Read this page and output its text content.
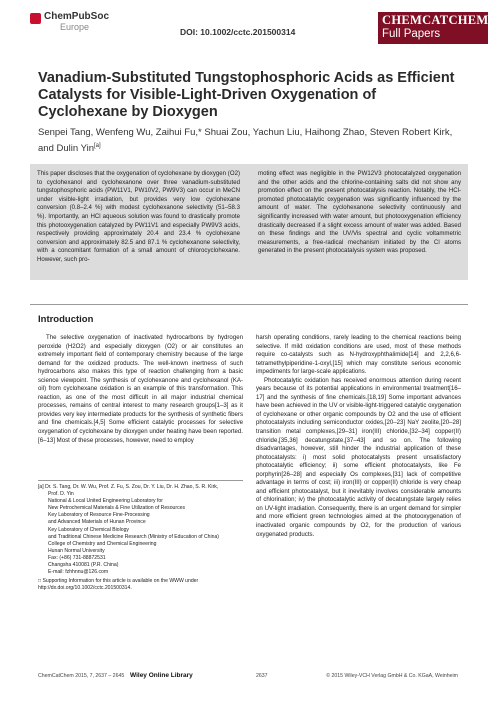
ChemPubSoc
Europe	DOI: 10.1002/cctc.201500314
CHEMCATCHEM
Full Papers
Vanadium-Substituted Tungstophosphoric Acids as Efficient Catalysts for Visible-Light-Driven Oxygenation of Cyclohexane by Dioxygen
Senpei Tang, Wenfeng Wu, Zaihui Fu,* Shuai Zou, Yachun Liu, Haihong Zhao, Steven Robert Kirk, and Dulin Yin[a]
This paper discloses that the oxygenation of cyclohexane by dioxygen (O2) to cyclohexanol and cyclohexanone over three vanadium-substituted tungstophosphoric acids (PW11V1, PW10V2, PW9V3) can occur in MeCN under visible-light irradiation, but provides very low cyclohexane conversion (0.8–2.4 %) with modest cyclohexanone selectivity (51–58.3 %). Importantly, an HCl aqueous solution was found to drastically promote this photooxygenation catalyzed by PW11V1 and especially PW9V3 acids, respectively providing approximately 20.4 and 23.4 % cyclohexane conversion and approximately 82.5 and 87.1 % cyclohexanone selectivity, with a concomitant formation of a small amount of chlorocyclohexane. However, such pro-
moting effect was negligible in the PW12V3 photocatalyzed oxygenation and the other acids and the chlorine-containing salts did not show any promotion effect on the present photocatalysis reaction. Notably, the HCl-promoted photocatalytic oxygenation was significantly influenced by the amount of water. The cyclohexanone selectivity continuously and significantly increased with water amount, but photooxygenation efficiency drastically decreased if a slight excess amount of water was added. Based on these findings and the UV/Vis spectral and cyclic voltammetric measurements, a free-radical mechanism initiated by the Cl atoms generated in the present photocatalysis system was proposed.
Introduction

The selective oxygenation of inactivated hydrocarbons by hydrogen peroxide (H2O2) and especially dioxygen (O2) or air constitutes an extremely important field of contemporary chemistry because of the large demand for the oxidized products. The well-known inertness of such hydrocarbons also makes this type of reaction challenging from a basic science viewpoint. The synthesis of cyclohexanone and cyclohexanol (KA-oil) from cyclohexane oxidation is an example of this transformation. This reaction, as one of the most difficult in all major industrial chemical processes, remains of central interest to many research groups[1–3] as it provides very key intermediate products for the synthesis of synthetic fibers and fine chemicals.[4,5] Some efficient catalytic processes for selective oxygenation of cyclohexane by dioxygen under heating have been reported.[6–13] Most of these processes, however, need to employ

harsh operating conditions, rarely leading to the chemical reactions being selective. If mild oxidation conditions are used, most of these methods require co-catalysts such as N-hydroxyphthalimide[14] and 2,2,6,6-tetramethylpiperidine-1-oxyl,[15] which may constitute serious economic impediments for large-scale applications.

Photocatalytic oxidation has received enormous attention during recent years because of its potential applications in environmental treatment[16–17] and the synthesis of fine chemicals.[18,19] Some important advances have been achieved in the UV or visible-light-triggered catalytic oxygenation of cyclohexane or other organic compounds by O2 and the use of efficient photocatalysts including semiconductor oxides,[20–23] NaY zeolite,[20–28] transition metal complexes,[29–31] iron(III) chloride,[32–34] copper(II) chloride,[35,36] decatungstate,[37–43] and so on. The following disadvantages, however, still hinder the industrial application of these photocatalysts: i) most solid photocatalysts present unsatisfactory photocatalytic efficiency; ii) some efficient photocatalysts, like Fe porphyrin[26–28] and especially Os complexes,[31] lack of competitive advantage in terms of cost; iii) iron(III) or copper(II) chloride is very cheap and efficient photocatalyst, but it inevitably involves considerable amounts of chlorination; iv) the photocatalytic activity of decatungstate largely relies on UV-light irradiation. Consequently, there is an urgent demand for simpler and more efficient green technologies aimed at the photooxygenation of inactivated organic compounds by O2, for the production of various oxygenated products.

[a] Dr. S. Tang, Dr. W. Wu, Prof. Z. Fu, S. Zou, Dr. Y. Liu, Dr. H. Zhao, S. R. Kirk,
Prof. D. Yin
National & Local United Engineering Laboratory for
New Petrochemical Materials & Fine Utilization of Resources
Key Laboratory of Resource Fine-Processing
and Advanced Materials of Hunan Province
Key Laboratory of Chemical Biology
and Traditional Chinese Medicine Research (Ministry of Education of China)
College of Chemistry and Chemical Engineering
Hunan Normal University
Fax: (+86) 731-88872531
Changsha 410081 (P.R. China)
E-mail: fzhhnnu@126.com
□ Supporting Information for this article is available on the WWW under http://dx.doi.org/10.1002/cctc.201500314.
ChemCatChem 2015, 7, 2637 – 2645 Wiley Online Library	2637	© 2015 Wiley-VCH Verlag GmbH & Co. KGaA, Weinheim
